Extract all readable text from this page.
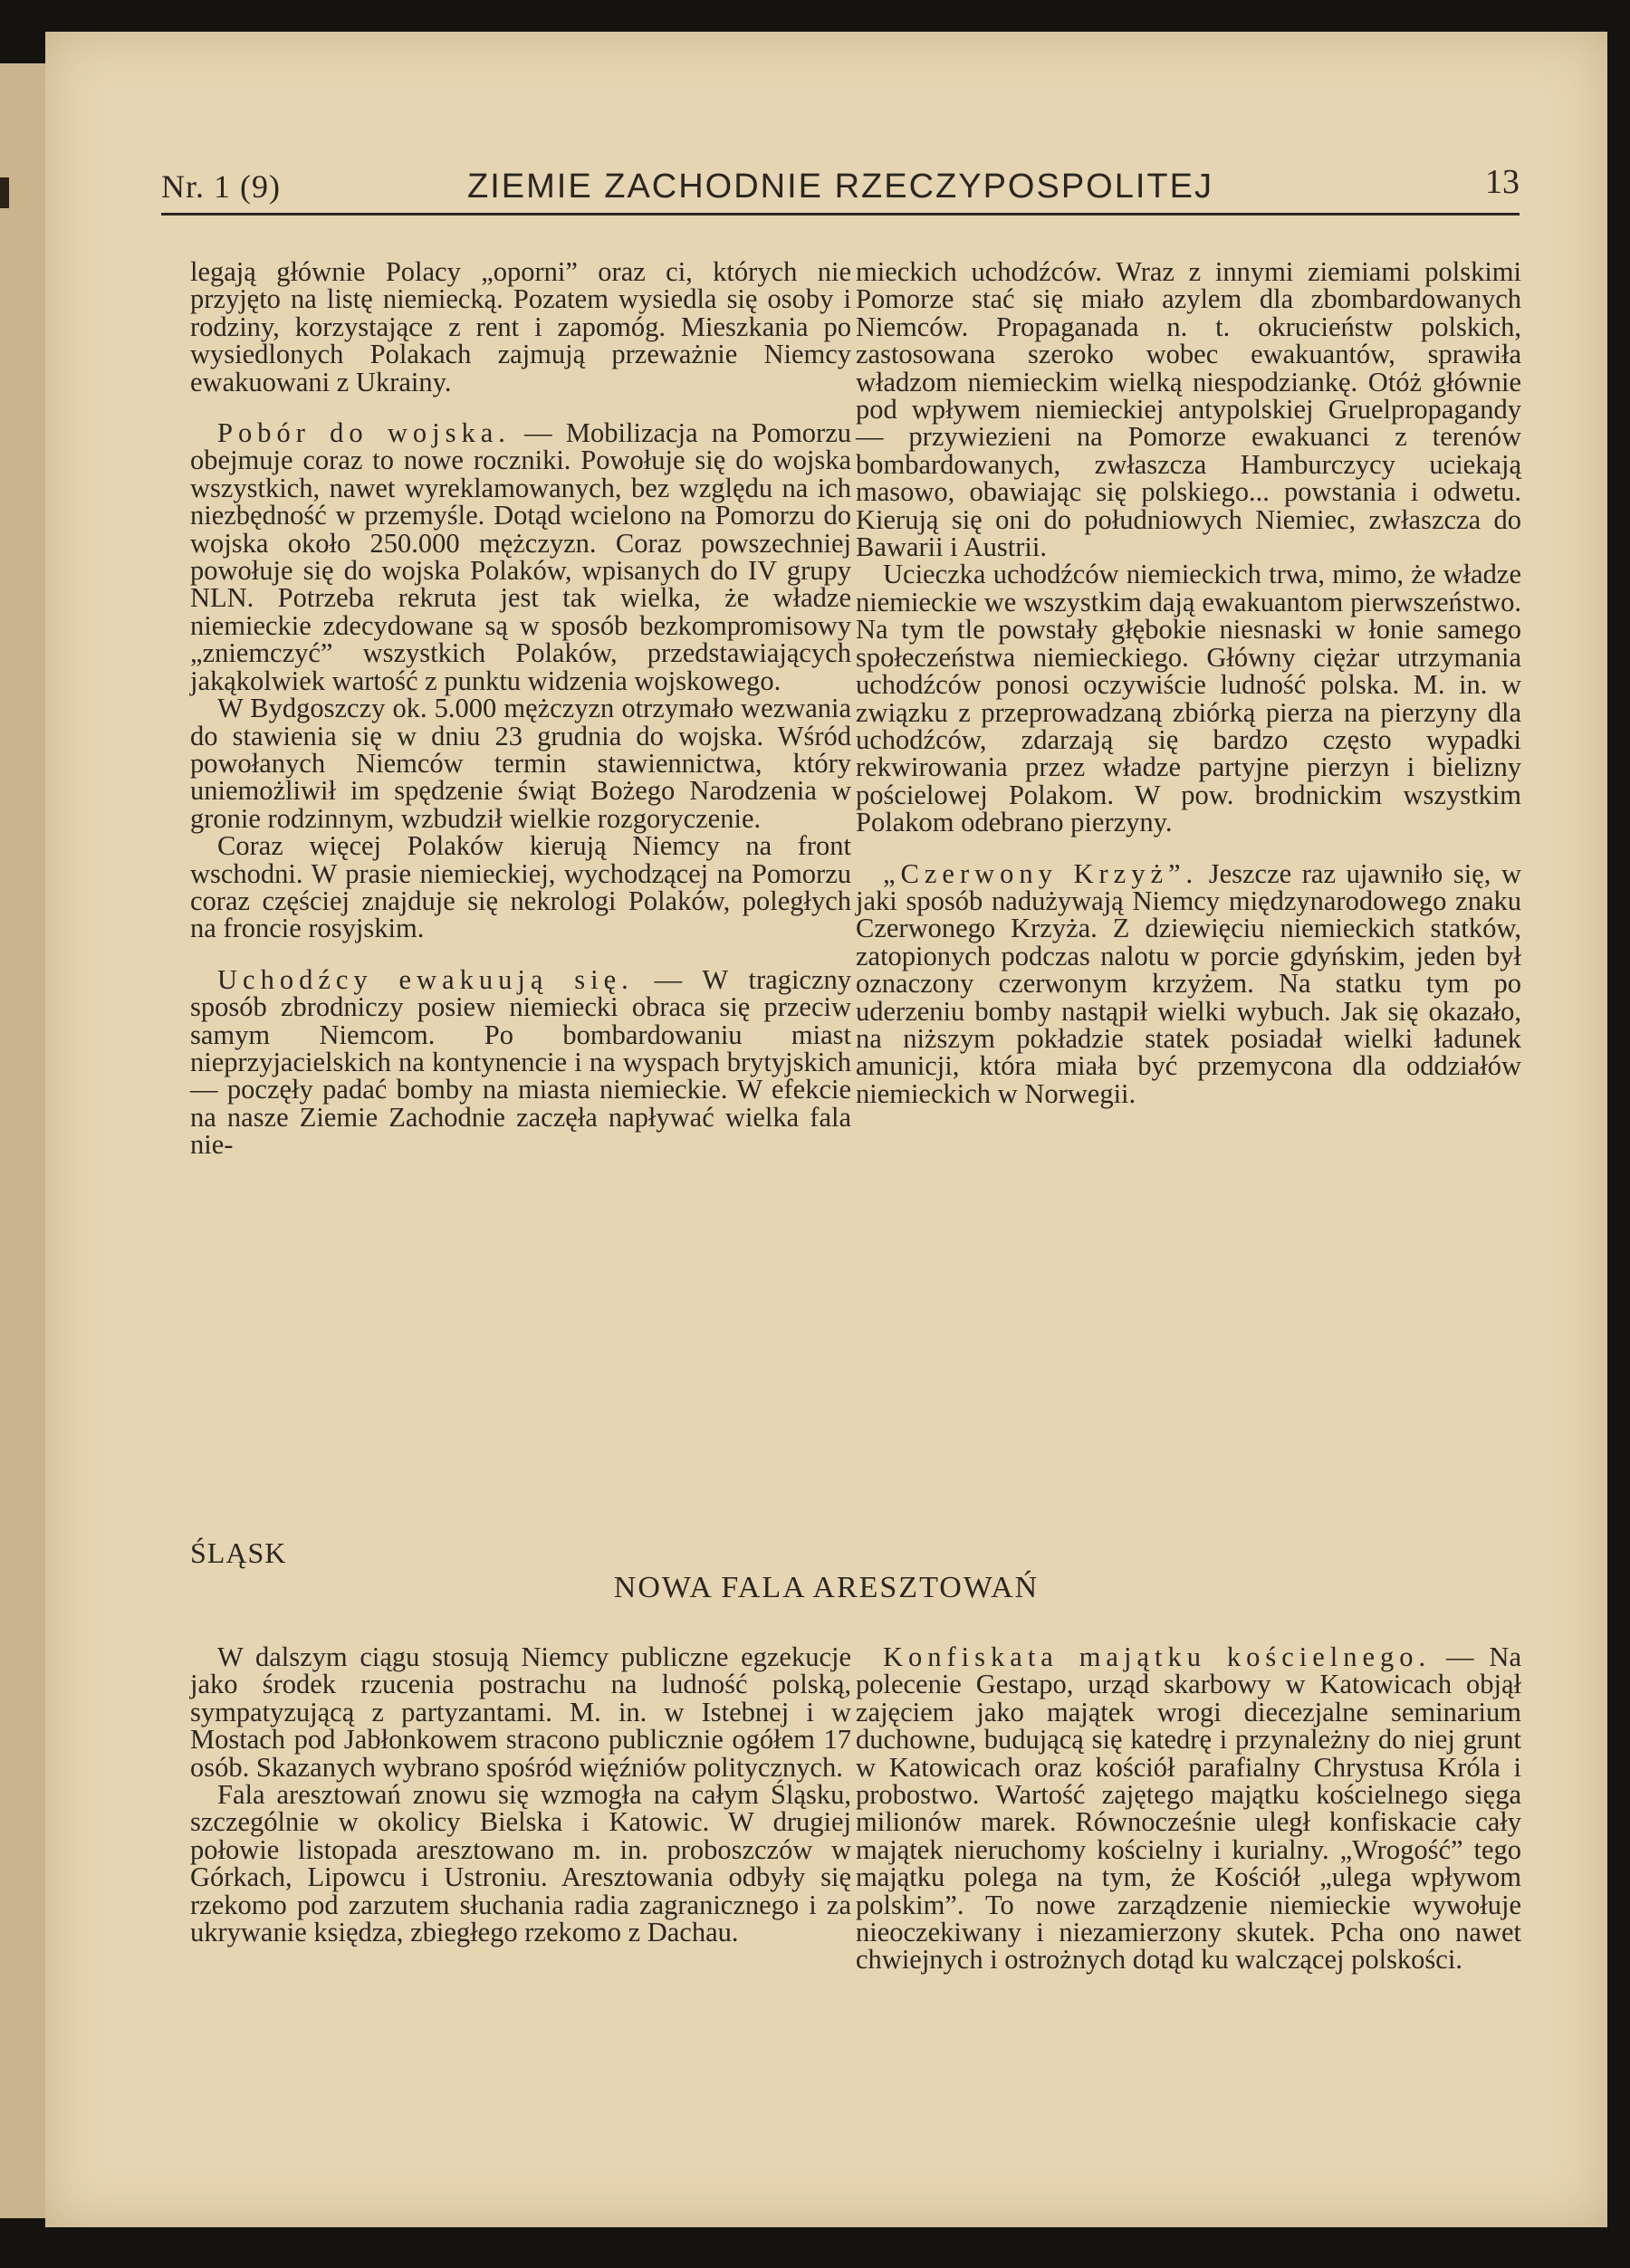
Nr. 1 (9)	ZIEMIE ZACHODNIE RZECZYPOSPOLITEJ	13

legają głównie Polacy „oporni” oraz ci, których nie przyjęto na listę niemiecką. Pozatem wysiedla się osoby i rodziny, korzystające z rent i zapomóg. Mieszkania po wysiedlonych Polakach zajmują przeważnie Niemcy ewakuowani z Ukrainy.

Pobór do wojska. — Mobilizacja na Pomorzu obejmuje coraz to nowe roczniki. Powołuje się do wojska wszystkich, nawet wyreklamowanych, bez względu na ich niezbędność w przemyśle. Dotąd wcielono na Pomorzu do wojska około 250.000 mężczyzn. Coraz powszechniej powołuje się do wojska Polaków, wpisanych do IV grupy NLN. Potrzeba rekruta jest tak wielka, że władze niemieckie zdecydowane są w sposób bezkompromisowy „zniemczyć” wszystkich Polaków, przedstawiających jakąkolwiek wartość z punktu widzenia wojskowego.

W Bydgoszczy ok. 5.000 mężczyzn otrzymało wezwania do stawienia się w dniu 23 grudnia do wojska. Wśród powołanych Niemców termin stawiennictwa, który uniemożliwił im spędzenie świąt Bożego Narodzenia w gronie rodzinnym, wzbudził wielkie rozgoryczenie.

Coraz więcej Polaków kierują Niemcy na front wschodni. W prasie niemieckiej, wychodzącej na Pomorzu coraz częściej znajduje się nekrologi Polaków, poległych na froncie rosyjskim.

Uchodźcy ewakuują się. — W tragiczny sposób zbrodniczy posiew niemiecki obraca się przeciw samym Niemcom. Po bombardowaniu miast nieprzyjacielskich na kontynencie i na wyspach brytyjskich — poczęły padać bomby na miasta niemieckie. W efekcie na nasze Ziemie Zachodnie zaczęła napływać wielka fala nie-

mieckich uchodźców. Wraz z innymi ziemiami polskimi Pomorze stać się miało azylem dla zbombardowanych Niemców. Propaganada n. t. okrucieństw polskich, zastosowana szeroko wobec ewakuantów, sprawiła władzom niemieckim wielką niespodziankę. Otóż głównie pod wpływem niemieckiej antypolskiej Gruelpropagandy — przywiezieni na Pomorze ewakuanci z terenów bombardowanych, zwłaszcza Hamburczycy uciekają masowo, obawiając się polskiego... powstania i odwetu. Kierują się oni do południowych Niemiec, zwłaszcza do Bawarii i Austrii.

Ucieczka uchodźców niemieckich trwa, mimo, że władze niemieckie we wszystkim dają ewakuantom pierwszeństwo. Na tym tle powstały głębokie niesnaski w łonie samego społeczeństwa niemieckiego. Główny ciężar utrzymania uchodźców ponosi oczywiście ludność polska. M. in. w związku z przeprowadzaną zbiórką pierza na pierzyny dla uchodźców, zdarzają się bardzo często wypadki rekwirowania przez władze partyjne pierzyn i bielizny pościelowej Polakom. W pow. brodnickim wszystkim Polakom odebrano pierzyny.

„Czerwony Krzyż”. Jeszcze raz ujawniło się, w jaki sposób nadużywają Niemcy międzynarodowego znaku Czerwonego Krzyża. Z dziewięciu niemieckich statków, zatopionych podczas nalotu w porcie gdyńskim, jeden był oznaczony czerwonym krzyżem. Na statku tym po uderzeniu bomby nastąpił wielki wybuch. Jak się okazało, na niższym pokładzie statek posiadał wielki ładunek amunicji, która miała być przemycona dla oddziałów niemieckich w Norwegii.

ŚLĄSK
NOWA FALA ARESZTOWAŃ

W dalszym ciągu stosują Niemcy publiczne egzekucje jako środek rzucenia postrachu na ludność polską, sympatyzującą z partyzantami. M. in. w Istebnej i w Mostach pod Jabłonkowem stracono publicznie ogółem 17 osób. Skazanych wybrano spośród więźniów politycznych.

Fala aresztowań znowu się wzmogła na całym Śląsku, szczególnie w okolicy Bielska i Katowic. W drugiej połowie listopada aresztowano m. in. proboszczów w Górkach, Lipowcu i Ustroniu. Aresztowania odbyły się rzekomo pod zarzutem słuchania radia zagranicznego i za ukrywanie księdza, zbiegłego rzekomo z Dachau.

Konfiskata majątku kościelnego. — Na polecenie Gestapo, urząd skarbowy w Katowicach objął zajęciem jako majątek wrogi diecezjalne seminarium duchowne, budującą się katedrę i przynależny do niej grunt w Katowicach oraz kościół parafialny Chrystusa Króla i probostwo. Wartość zajętego majątku kościelnego sięga milionów marek. Równocześnie uległ konfiskacie cały majątek nieruchomy kościelny i kurialny. „Wrogość” tego majątku polega na tym, że Kościół „ulega wpływom polskim”. To nowe zarządzenie niemieckie wywołuje nieoczekiwany i niezamierzony skutek. Pcha ono nawet chwiejnych i ostrożnych dotąd ku walczącej polskości.
